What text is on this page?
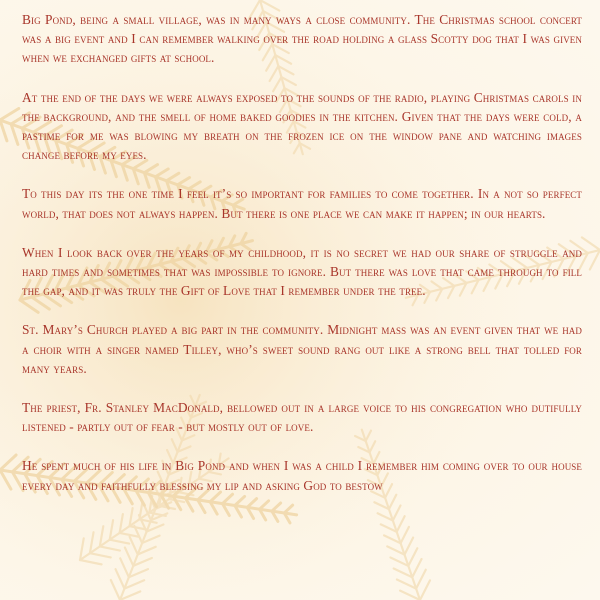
Big Pond, being a small village, was in many ways a close community. The Christmas school concert was a big event and I can remember walking over the road holding a glass Scotty dog that I was given when we exchanged gifts at school.

At the end of the days we were always exposed to the sounds of the radio, playing Christmas carols in the background, and the smell of home baked goodies in the kitchen. Given that the days were cold, a pastime for me was blowing my breath on the frozen ice on the window pane and watching images change before my eyes.

To this day its the one time I feel it’s so important for families to come together. In a not so perfect world, that does not always happen. But there is one place we can make it happen; in our hearts.

When I look back over the years of my childhood, it is no secret we had our share of struggle and hard times and sometimes that was impossible to ignore. But there was love that came through to fill the gap, and it was truly the Gift of Love that I remember under the tree.

St. Mary’s Church played a big part in the community. Midnight mass was an event given that we had a choir with a singer named Tilley, who’s sweet sound rang out like a strong bell that tolled for many years.

The priest, Fr. Stanley MacDonald, bellowed out in a large voice to his congregation who dutifully listened - partly out of fear - but mostly out of love.

He spent much of his life in Big Pond and when I was a child I remember him coming over to our house every day and faithfully blessing my lip and asking God to bestow
